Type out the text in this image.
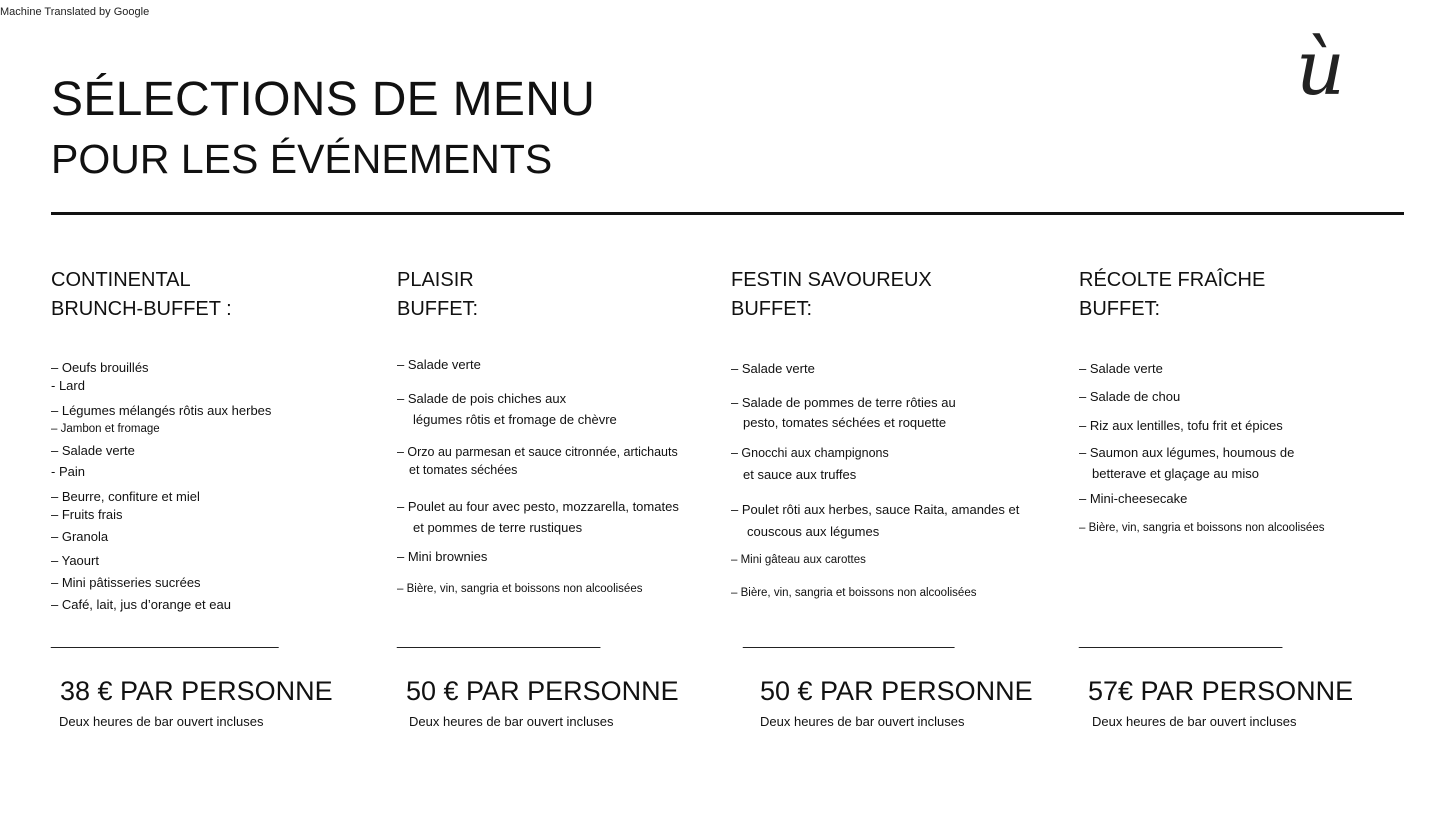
Machine Translated by Google
SÉLECTIONS DE MENU
POUR LES ÉVÉNEMENTS
ù
CONTINENTAL
BRUNCH-BUFFET :
– Oeufs brouillés
- Lard
– Légumes mélangés rôtis aux herbes
– Jambon et fromage
– Salade verte
- Pain
– Beurre, confiture et miel
– Fruits frais
– Granola
– Yaourt
– Mini pâtisseries sucrées
– Café, lait, jus d’orange et eau
____________________________
38 € PAR PERSONNE
Deux heures de bar ouvert incluses
PLAISIR
BUFFET:
– Salade verte
– Salade de pois chiches aux
légumes rôtis et fromage de chèvre
– Orzo au parmesan et sauce citronnée, artichauts
et tomates séchées
– Poulet au four avec pesto, mozzarella, tomates
et pommes de terre rustiques
– Mini brownies
– Bière, vin, sangria et boissons non alcoolisées
_________________________
50 € PAR PERSONNE
Deux heures de bar ouvert incluses
FESTIN SAVOUREUX
BUFFET:
– Salade verte
– Salade de pommes de terre rôties au
pesto, tomates séchées et roquette
– Gnocchi aux champignons
et sauce aux truffes
– Poulet rôti aux herbes, sauce Raita, amandes et
couscous aux légumes
– Mini gâteau aux carottes
– Bière, vin, sangria et boissons non alcoolisées
__________________________
50 € PAR PERSONNE
Deux heures de bar ouvert incluses
RÉCOLTE FRAÎCHE
BUFFET:
– Salade verte
– Salade de chou
– Riz aux lentilles, tofu frit et épices
– Saumon aux légumes, houmous de
betterave et glaçage au miso
– Mini-cheesecake
– Bière, vin, sangria et boissons non alcoolisées
_________________________
57€ PAR PERSONNE
Deux heures de bar ouvert incluses
